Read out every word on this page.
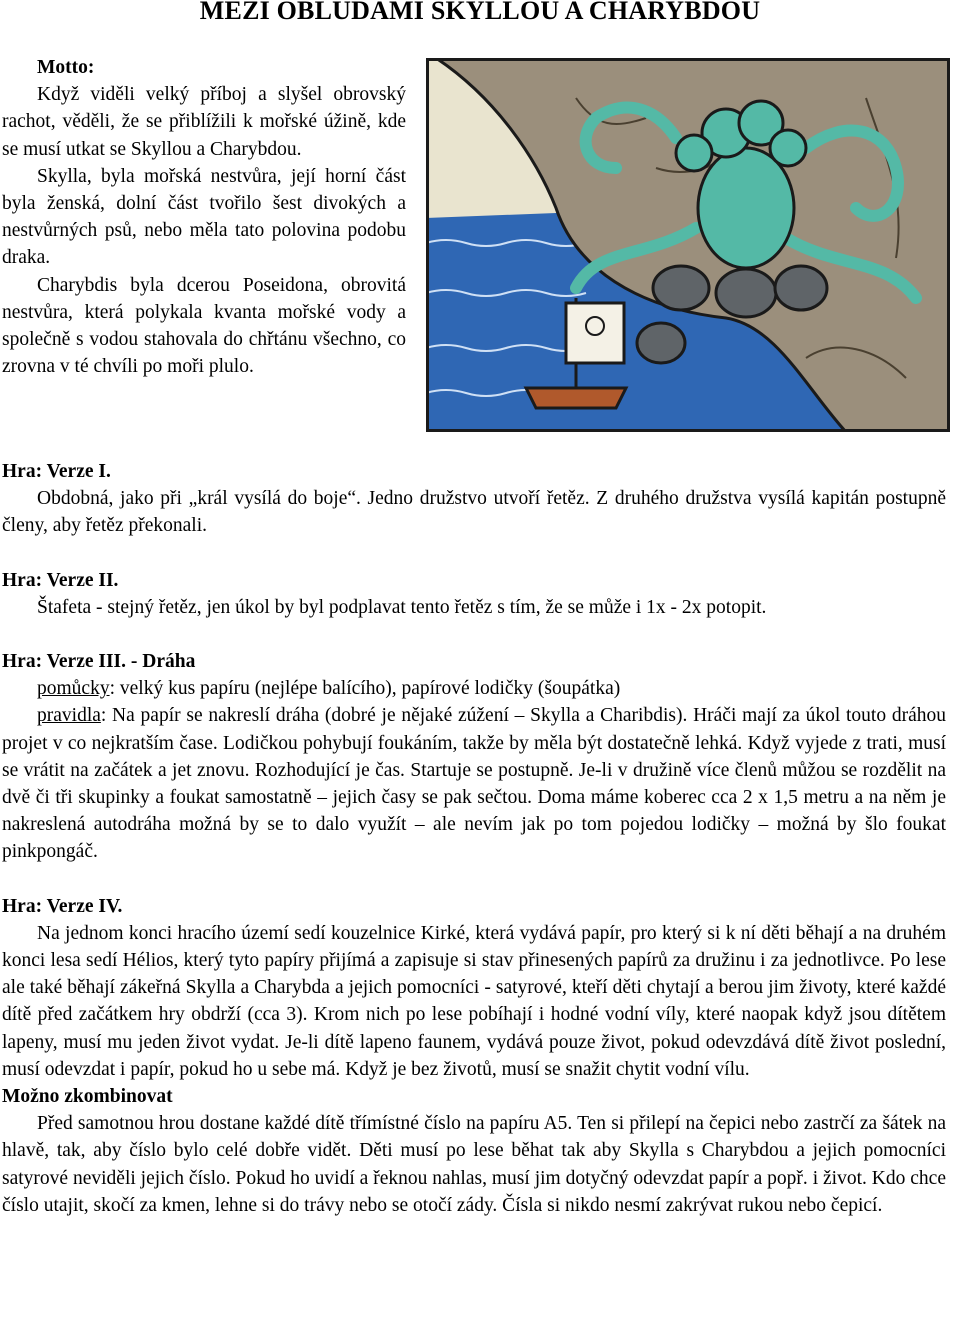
MEZI OBLUDAMI SKYLLOU A CHARYBDOU

Motto:

Když viděli velký příboj a slyšel obrovský rachot, věděli, že se přiblížili k mořské úžině, kde se musí utkat se Skyllou a Charybdou.

Skylla, byla mořská nestvůra, její horní část byla ženská, dolní část tvořilo šest divokých a nestvůrných psů, nebo měla tato polovina podobu draka.

Charybdis byla dcerou Poseidona, obrovitá nestvůra, která polykala kvanta mořské vody a společně s vodou stahovala do chřtánu všechno, co zrovna v té chvíli po moři plulo.

Hra: Verze I.

Obdobná, jako při „král vysílá do boje“. Jedno družstvo utvoří řetěz. Z druhého družstva vysílá kapitán postupně členy, aby řetěz překonali.

Hra: Verze II.

Štafeta - stejný řetěz, jen úkol by byl podplavat tento řetěz s tím, že se může i 1x - 2x potopit.

Hra: Verze III. - Dráha

pomůcky: velký kus papíru (nejlépe balícího), papírové lodičky (šoupátka)

pravidla: Na papír se nakreslí dráha (dobré je nějaké zúžení – Skylla a Charibdis). Hráči mají za úkol touto dráhou projet v co nejkratším čase. Lodičkou pohybují foukáním, takže by měla být dostatečně lehká. Když vyjede z trati, musí se vrátit na začátek a jet znovu. Rozhodující je čas. Startuje se postupně. Je-li v družině více členů můžou se rozdělit na dvě či tři skupinky a foukat samostatně – jejich časy se pak sečtou. Doma máme koberec cca 2 x 1,5 metru a na něm je nakreslená autodráha možná by se to dalo využít – ale nevím jak po tom pojedou lodičky – možná by šlo foukat pinkpongáč.

Hra: Verze IV.

Na jednom konci hracího území sedí kouzelnice Kirké, která vydává papír, pro který si k ní děti běhají a na druhém konci lesa sedí Hélios, který tyto papíry přijímá a zapisuje si stav přinesených papírů za družinu i za jednotlivce. Po lese ale také běhají zákeřná Skylla a Charybda a jejich pomocníci - satyrové, kteří děti chytají a berou jim životy, které každé dítě před začátkem hry obdrží (cca 3). Krom nich po lese pobíhají i hodné vodní víly, které naopak když jsou dítětem lapeny, musí mu jeden život vydat. Je-li dítě lapeno faunem, vydává pouze život, pokud odevzdává dítě život poslední, musí odevzdat i papír, pokud ho u sebe má. Když je bez životů, musí se snažit chytit vodní vílu.

Možno zkombinovat

Před samotnou hrou dostane každé dítě třímístné číslo na papíru A5. Ten si přilepí na čepici nebo zastrčí za šátek na hlavě, tak, aby číslo bylo celé dobře vidět. Děti musí po lese běhat tak aby Skylla s Charybdou a jejich pomocníci satyrové neviděli jejich číslo. Pokud ho uvidí a řeknou nahlas, musí jim dotyčný odevzdat papír a popř. i život. Kdo chce číslo utajit, skočí za kmen, lehne si do trávy nebo se otočí zády. Čísla si nikdo nesmí zakrývat rukou nebo čepicí.
